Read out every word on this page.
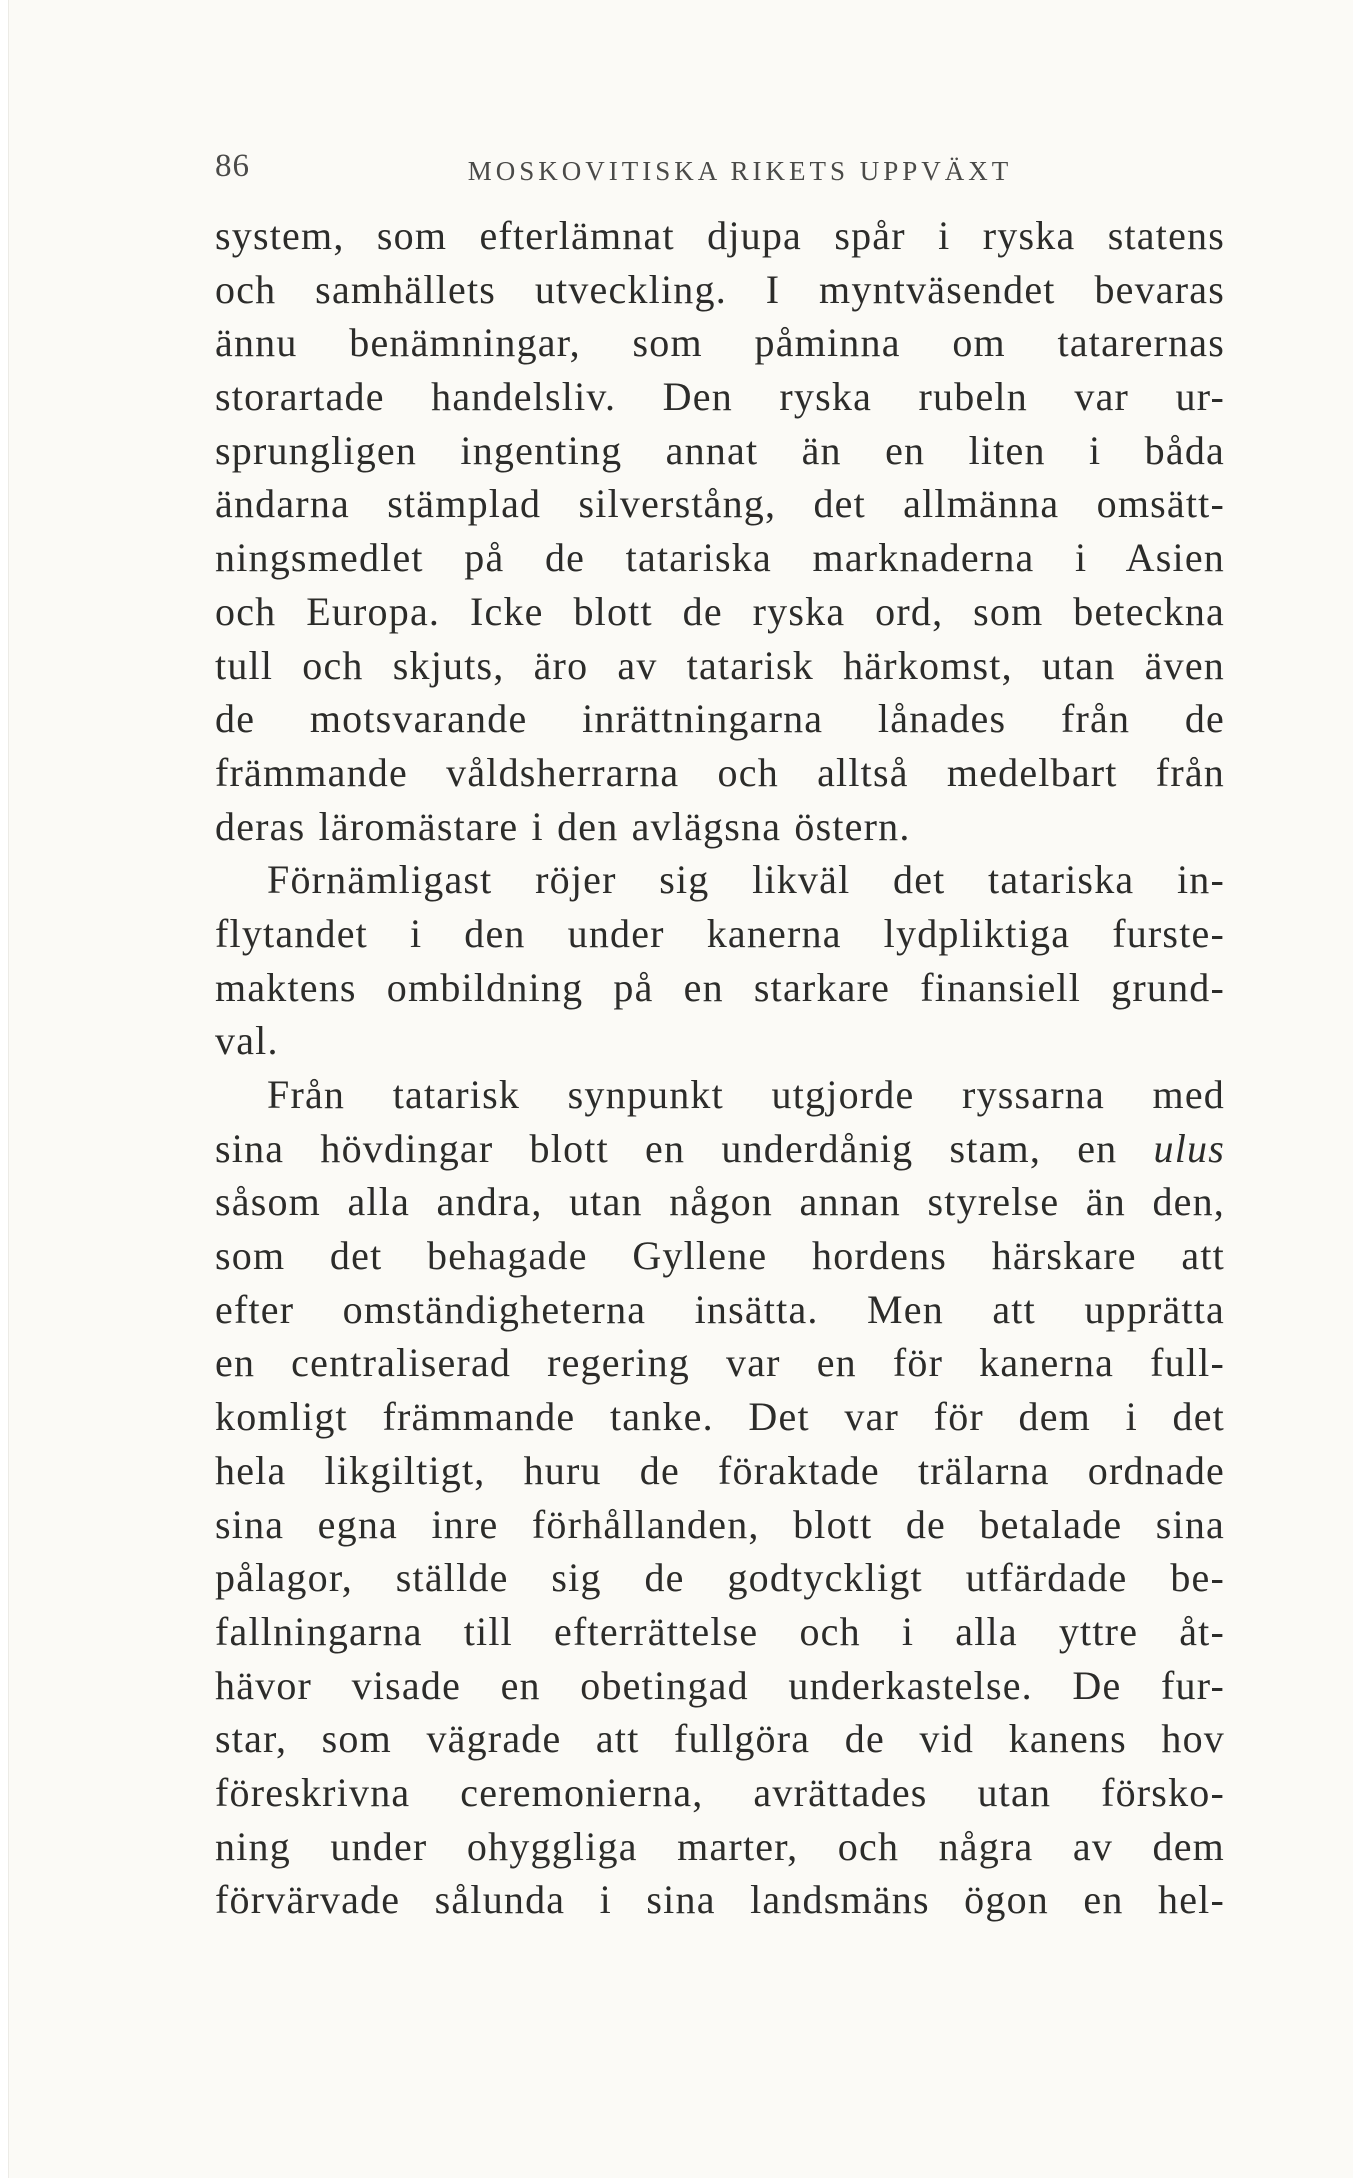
86	MOSKOVITISKA RIKETS UPPVÄXT
system, som efterlämnat djupa spår i ryska statens
och samhällets utveckling. I myntväsendet bevaras
ännu benämningar, som påminna om tatarernas
storartade handelsliv. Den ryska rubeln var ur-
sprungligen ingenting annat än en liten i båda
ändarna stämplad silverstång, det allmänna omsätt-
ningsmedlet på de tatariska marknaderna i Asien
och Europa. Icke blott de ryska ord, som beteckna
tull och skjuts, äro av tatarisk härkomst, utan även
de motsvarande inrättningarna lånades från de
främmande våldsherrarna och alltså medelbart från
deras läromästare i den avlägsna östern.
Förnämligast röjer sig likväl det tatariska in-
flytandet i den under kanerna lydpliktiga furste-
maktens ombildning på en starkare finansiell grund-
val.
Från tatarisk synpunkt utgjorde ryssarna med
sina hövdingar blott en underdånig stam, en ulus
såsom alla andra, utan någon annan styrelse än den,
som det behagade Gyllene hordens härskare att
efter omständigheterna insätta. Men att upprätta
en centraliserad regering var en för kanerna full-
komligt främmande tanke. Det var för dem i det
hela likgiltigt, huru de föraktade trälarna ordnade
sina egna inre förhållanden, blott de betalade sina
pålagor, ställde sig de godtyckligt utfärdade be-
fallningarna till efterrättelse och i alla yttre åt-
hävor visade en obetingad underkastelse. De fur-
star, som vägrade att fullgöra de vid kanens hov
föreskrivna ceremonierna, avrättades utan försko-
ning under ohyggliga marter, och några av dem
förvärvade sålunda i sina landsmäns ögon en hel-
